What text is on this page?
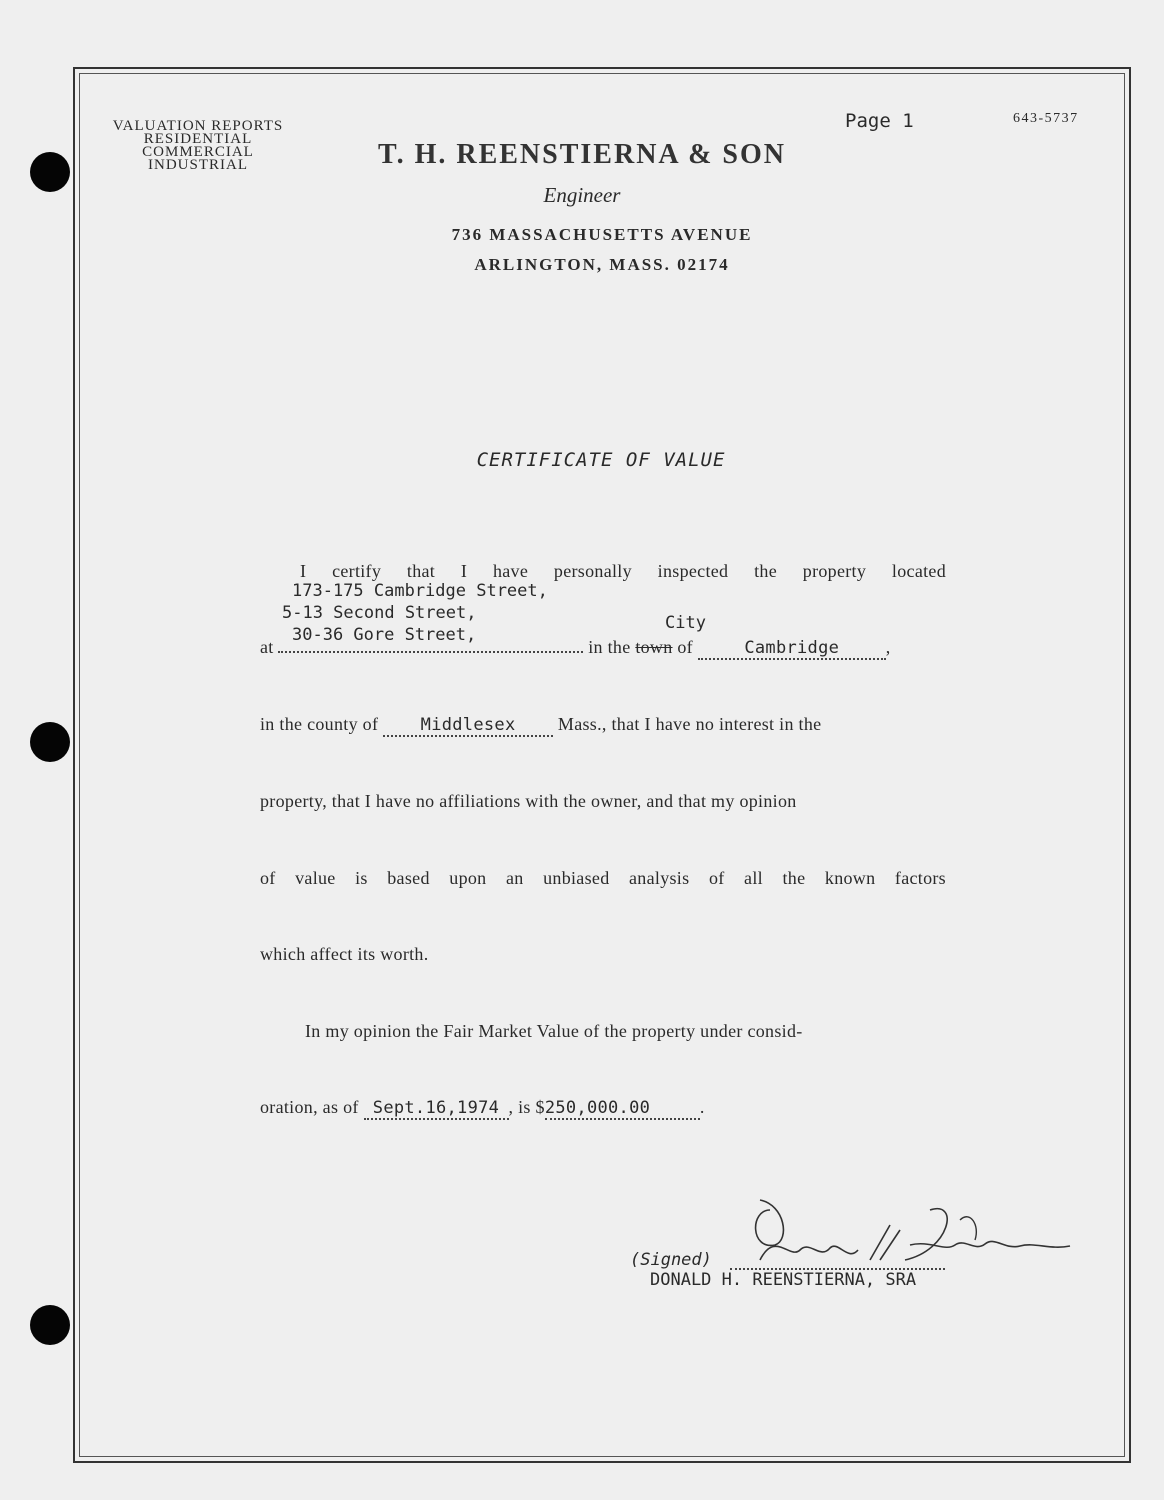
VALUATION REPORTS
RESIDENTIAL
COMMERCIAL
INDUSTRIAL
Page 1	643-5737
T. H. REENSTIERNA & SON
Engineer
736 MASSACHUSETTS AVENUE
ARLINGTON, MASS. 02174
CERTIFICATE OF VALUE
I certify that I have personally inspected the property located
173-175 Cambridge Street,
5-13 Second Street,
30-36 Gore Street,
City
at	in the town of	Cambridge	,
in the county of Middlesex Mass., that I have no interest in the
property, that I have no affiliations with the owner, and that my opinion
of value is based upon an unbiased analysis of all the known factors
which affect its worth.
In my opinion the Fair Market Value of the property under consid-
oration, as of Sept.16,1974 , is $250,000.00	.
(Signed)
DONALD H. REENSTIERNA, SRA
